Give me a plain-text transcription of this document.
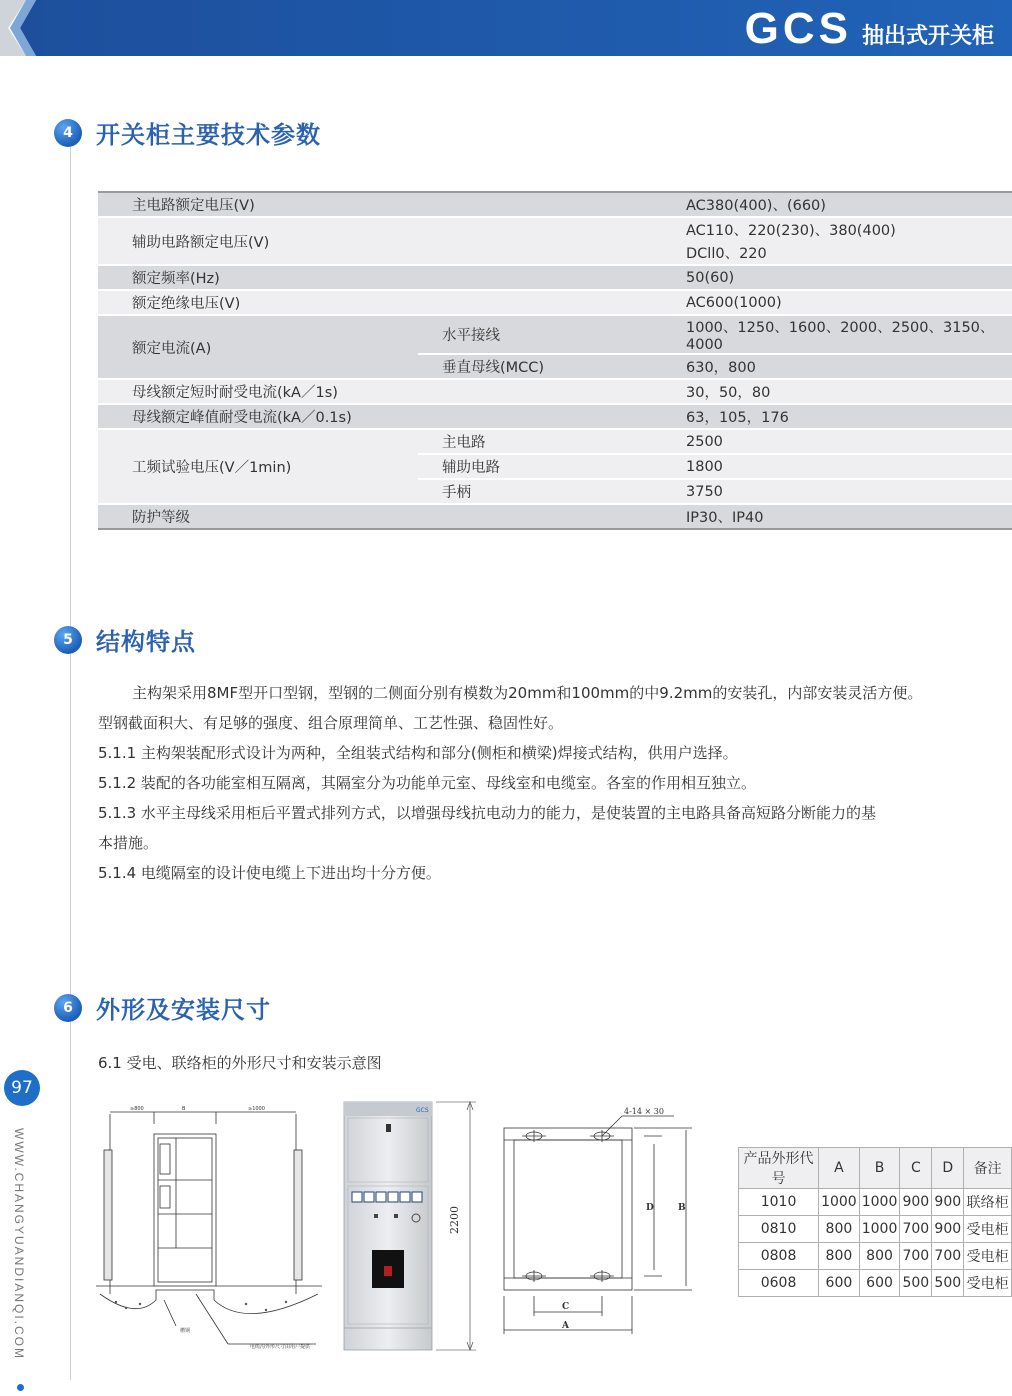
GCS 抽出式开关柜
97
WWW.CHANGYUANDIANQI.COM
4 开关柜主要技术参数
主电路额定电压(V)		AC380(400)、(660)
辅助电路额定电压(V)		AC110、220(230)、380(400)
		DCll0、220
额定频率(Hz)		50(60)
额定绝缘电压(V)		AC600(1000)
额定电流(A)	水平接线	1000、1250、1600、2000、2500、3150、4000
	垂直母线(MCC)	630，800
母线额定短时耐受电流(kA／1s)		30，50，80
母线额定峰值耐受电流(kA／0.1s)		63，105，176
工频试验电压(V／1min)	主电路	2500
	辅助电路	1800
	手柄	3750
防护等级		IP30、IP40
5 结构特点

主构架采用8MF型开口型钢，型钢的二侧面分别有模数为20mm和100mm的中9.2mm的安装孔，内部安装灵活方便。

型钢截面积大、有足够的强度、组合原理简单、工艺性强、稳固性好。

5.1.1 主构架装配形式设计为两种，全组装式结构和部分(侧柜和横梁)焊接式结构，供用户选择。

5.1.2 装配的各功能室相互隔离，其隔室分为功能单元室、母线室和电缆室。各室的作用相互独立。

5.1.3 水平主母线采用柜后平置式排列方式，以增强母线抗电动力的能力，是使装置的主电路具备高短路分断能力的基

本措施。

5.1.4 电缆隔室的设计使电缆上下进出均十分方便。

6 外形及安装尺寸
6.1 受电、联络柜的外形尺寸和安装示意图
≥800	B	≥1000
槽钢
电缆沟外形尺寸由用户提供
GCS
2200
4-14 × 30
D	B
C
A
产品外形代号	A	B	C	D	备注
1010	1000	1000	900	900	联络柜
0810	800	1000	700	900	受电柜
0808	800	800	700	700	受电柜
0608	600	600	500	500	受电柜
